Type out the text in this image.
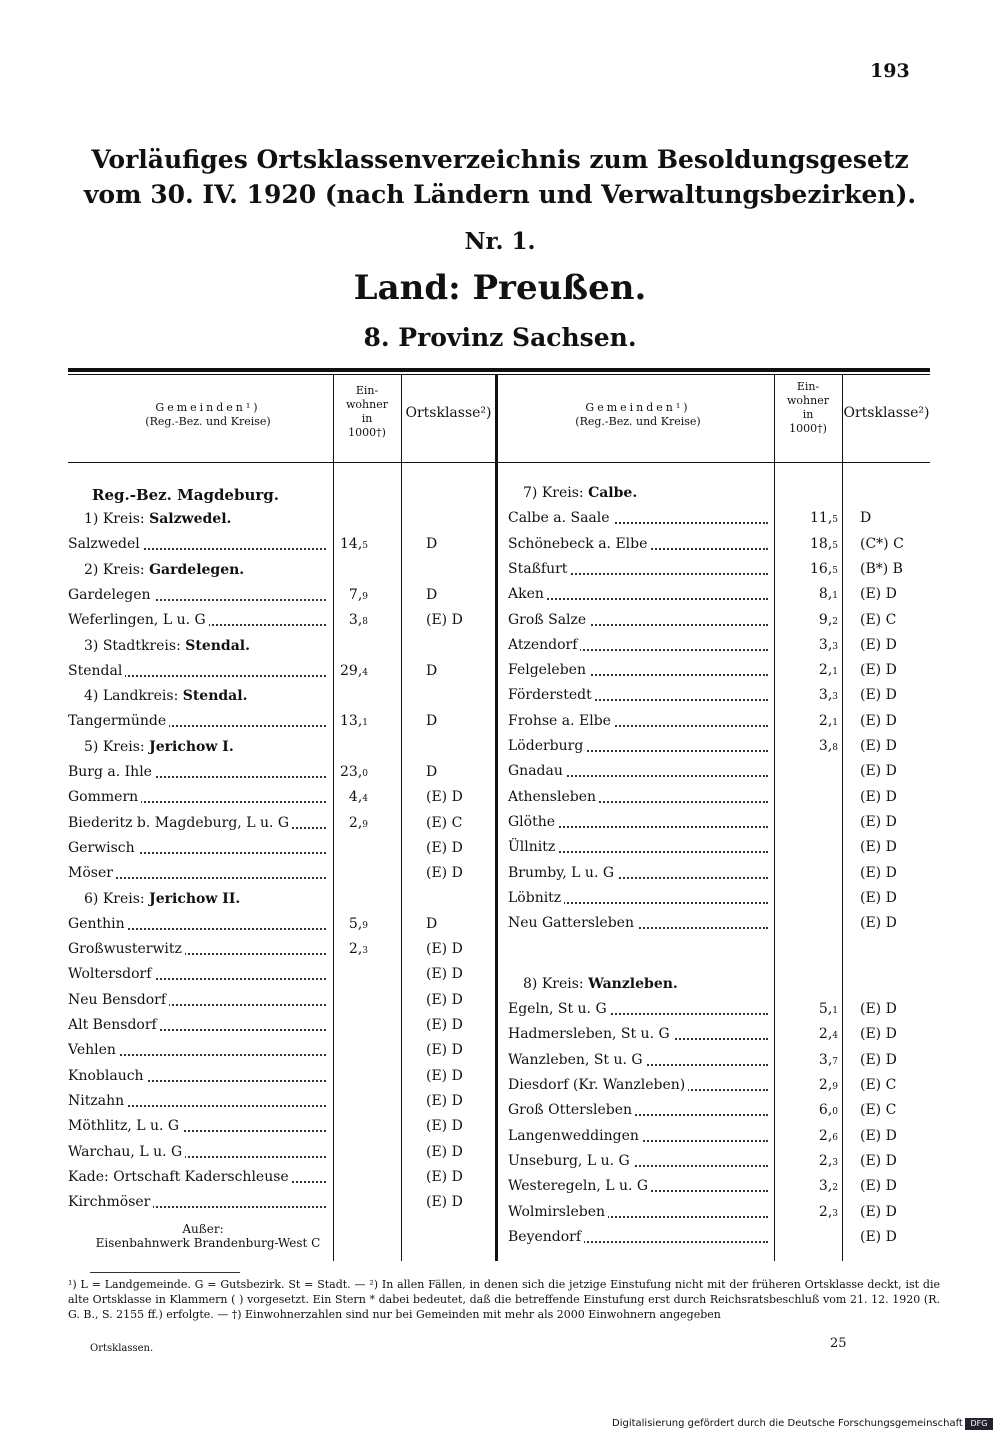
193
Vorläufiges Ortsklassenverzeichnis zum Besoldungsgesetz
vom 30. IV. 1920 (nach Ländern und Verwaltungsbezirken).
Nr. 1.
Land: Preußen.
8. Provinz Sachsen.
Gemeinden¹)
(Reg.-Bez. und Kreise)
Ein-
wohner
in
1000†)
Ortsklasse²)	Gemeinden¹)
(Reg.-Bez. und Kreise)
Ein-
wohner
in
1000†)
Ortsklasse²)
Reg.-Bez. Magdeburg.
1) Kreis: Salzwedel.
Salzwedel	14,5	D
2) Kreis: Gardelegen.
Gardelegen	7,9	D
Weferlingen, L u. G	3,8	(E) D
3) Stadtkreis: Stendal.
Stendal	29,4	D
4) Landkreis: Stendal.
Tangermünde	13,1	D
5) Kreis: Jerichow I.
Burg a. Ihle	23,0	D
Gommern	4,4	(E) D
Biederitz b. Magdeburg, L u. G	2,9	(E) C
Gerwisch	(E) D
Möser	(E) D
6) Kreis: Jerichow II.
Genthin	5,9	D
Großwusterwitz	2,3	(E) D
Woltersdorf	(E) D
Neu Bensdorf	(E) D
Alt Bensdorf	(E) D
Vehlen	(E) D
Knoblauch	(E) D
Nitzahn	(E) D
Möthlitz, L u. G	(E) D
Warchau, L u. G	(E) D
Kade: Ortschaft Kaderschleuse	(E) D
Kirchmöser	(E) D
7) Kreis: Calbe.
Calbe a. Saale	11,5 D
Schönebeck a. Elbe	18,5 (C*) C
Staßfurt	16,5 (B*) B
Aken	8,1 (E) D
Groß Salze	9,2 (E) C
Atzendorf	3,3 (E) D
Felgeleben	2,1 (E) D
Förderstedt	3,3 (E) D
Frohse a. Elbe	2,1 (E) D
Löderburg	3,8 (E) D
Gnadau	(E) D
Athensleben	(E) D
Glöthe	(E) D
Üllnitz	(E) D
Brumby, L u. G	(E) D
Löbnitz	(E) D
Neu Gattersleben	(E) D
8) Kreis: Wanzleben.
Egeln, St u. G	5,1 (E) D
Hadmersleben, St u. G	2,4 (E) D
Wanzleben, St u. G	3,7 (E) D
Diesdorf (Kr. Wanzleben)	2,9 (E) C
Groß Ottersleben	6,0 (E) C
Langenweddingen	2,6 (E) D
Unseburg, L u. G	2,3 (E) D
Westeregeln, L u. G	3,2 (E) D
Wolmirsleben	2,3 (E) D
Beyendorf	(E) D
Außer:
Eisenbahnwerk Brandenburg-West C
¹) L = Landgemeinde. G = Gutsbezirk. St = Stadt. — ²) In allen Fällen, in denen sich die jetzige Einstufung nicht mit der früheren Ortsklasse deckt, ist die alte Ortsklasse in Klammern ( ) vorgesetzt. Ein Stern * dabei bedeutet, daß die betreffende Einstufung erst durch Reichsratsbeschluß vom 21. 12. 1920 (R. G. B., S. 2155 ff.) erfolgte. — †) Einwohnerzahlen sind nur bei Gemeinden mit mehr als 2000 Einwohnern angegeben
Ortsklassen.	25
Digitalisierung gefördert durch die Deutsche Forschungsgemeinschaft DFG
